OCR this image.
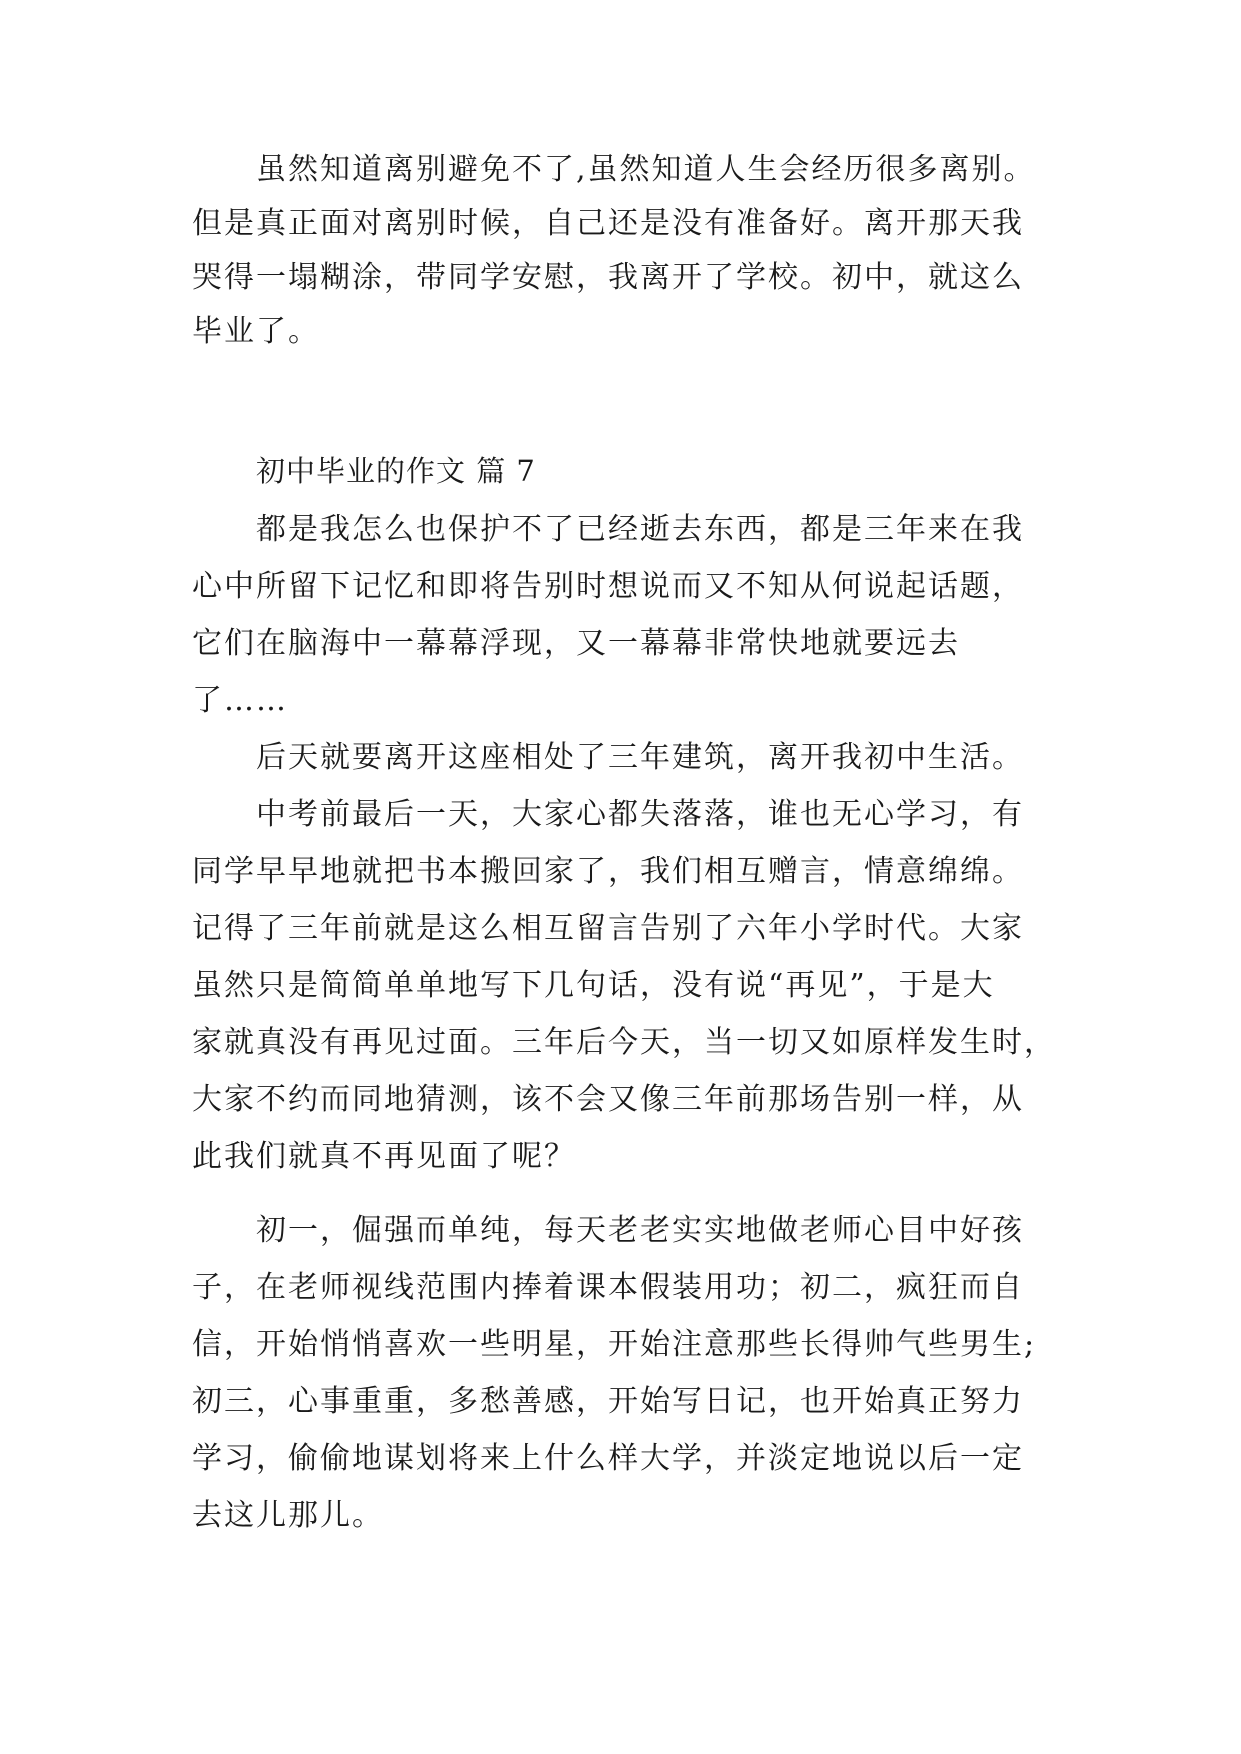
虽然知道离别避免不了,虽然知道人生会经历很多离别。
但是真正面对离别时候，自己还是没有准备好。离开那天我
哭得一塌糊涂，带同学安慰，我离开了学校。初中，就这么
毕业了。
初中毕业的作文 篇 7
都是我怎么也保护不了已经逝去东西，都是三年来在我
心中所留下记忆和即将告别时想说而又不知从何说起话题，
它们在脑海中一幕幕浮现，又一幕幕非常快地就要远去
了……
后天就要离开这座相处了三年建筑，离开我初中生活。
中考前最后一天，大家心都失落落，谁也无心学习，有
同学早早地就把书本搬回家了，我们相互赠言，情意绵绵。
记得了三年前就是这么相互留言告别了六年小学时代。大家
虽然只是简简单单地写下几句话，没有说“再见”，于是大
家就真没有再见过面。三年后今天，当一切又如原样发生时，
大家不约而同地猜测，该不会又像三年前那场告别一样，从
此我们就真不再见面了呢？
初一，倔强而单纯，每天老老实实地做老师心目中好孩
子，在老师视线范围内捧着课本假装用功；初二，疯狂而自
信，开始悄悄喜欢一些明星，开始注意那些长得帅气些男生;
初三，心事重重，多愁善感，开始写日记，也开始真正努力
学习，偷偷地谋划将来上什么样大学，并淡定地说以后一定
去这儿那儿。
